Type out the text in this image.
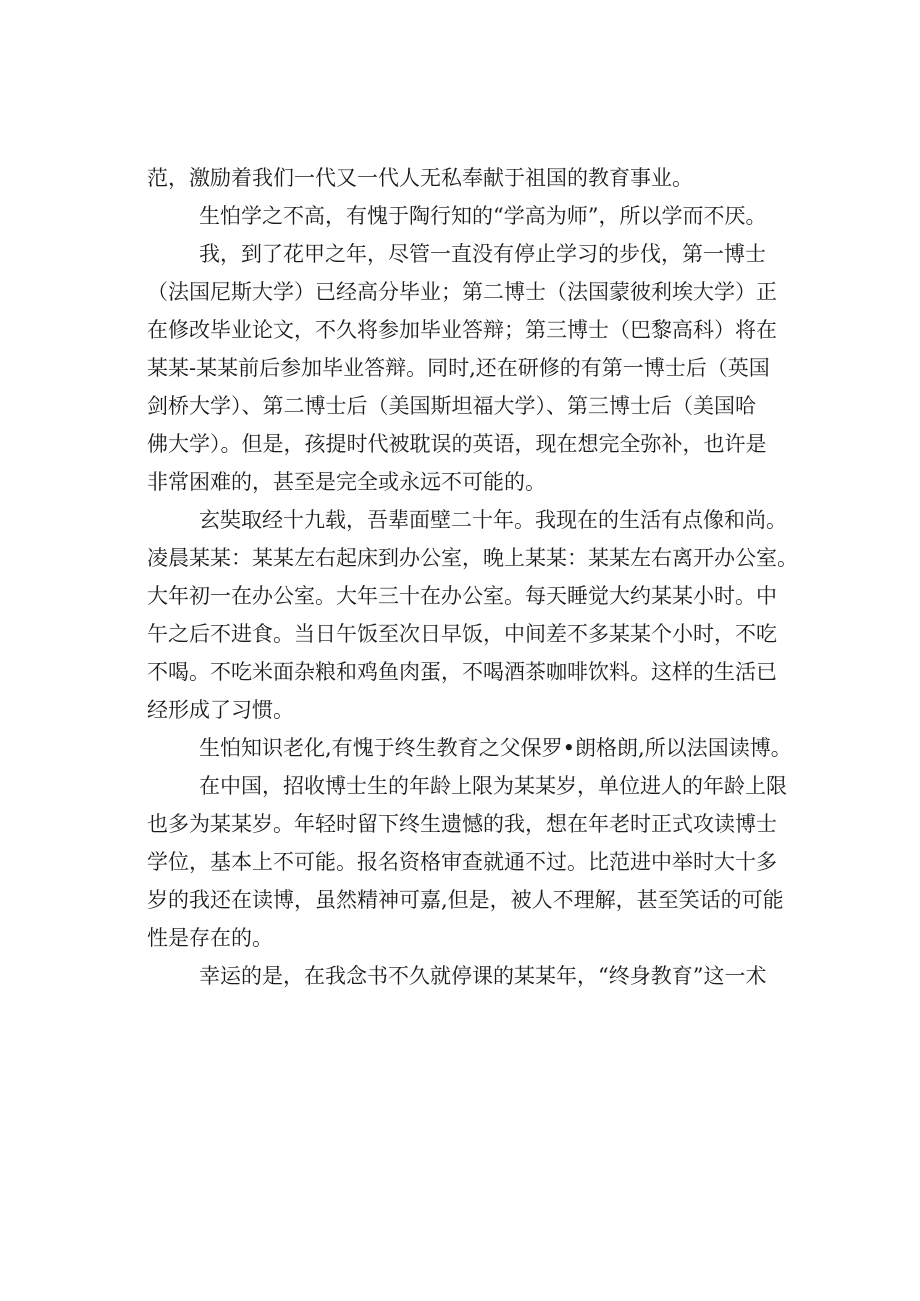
范，激励着我们一代又一代人无私奉献于祖国的教育事业。
生怕学之不高，有愧于陶行知的“学高为师”，所以学而不厌。
我，到了花甲之年，尽管一直没有停止学习的步伐，第一博士
（法国尼斯大学）已经高分毕业；第二博士（法国蒙彼利埃大学）正
在修改毕业论文，不久将参加毕业答辩；第三博士（巴黎高科）将在
某某-某某前后参加毕业答辩。同时,还在研修的有第一博士后（英国
剑桥大学）、第二博士后（美国斯坦福大学）、第三博士后（美国哈
佛大学）。但是，孩提时代被耽误的英语，现在想完全弥补，也许是
非常困难的，甚至是完全或永远不可能的。
玄奘取经十九载，吾辈面壁二十年。我现在的生活有点像和尚。
凌晨某某：某某左右起床到办公室，晚上某某：某某左右离开办公室。
大年初一在办公室。大年三十在办公室。每天睡觉大约某某小时。中
午之后不进食。当日午饭至次日早饭，中间差不多某某个小时，不吃
不喝。不吃米面杂粮和鸡鱼肉蛋，不喝酒茶咖啡饮料。这样的生活已
经形成了习惯。
生怕知识老化,有愧于终生教育之父保罗•朗格朗,所以法国读博。
在中国，招收博士生的年龄上限为某某岁，单位进人的年龄上限
也多为某某岁。年轻时留下终生遗憾的我，想在年老时正式攻读博士
学位，基本上不可能。报名资格审查就通不过。比范进中举时大十多
岁的我还在读博，虽然精神可嘉,但是，被人不理解，甚至笑话的可能
性是存在的。
幸运的是，在我念书不久就停课的某某年，“终身教育”这一术
